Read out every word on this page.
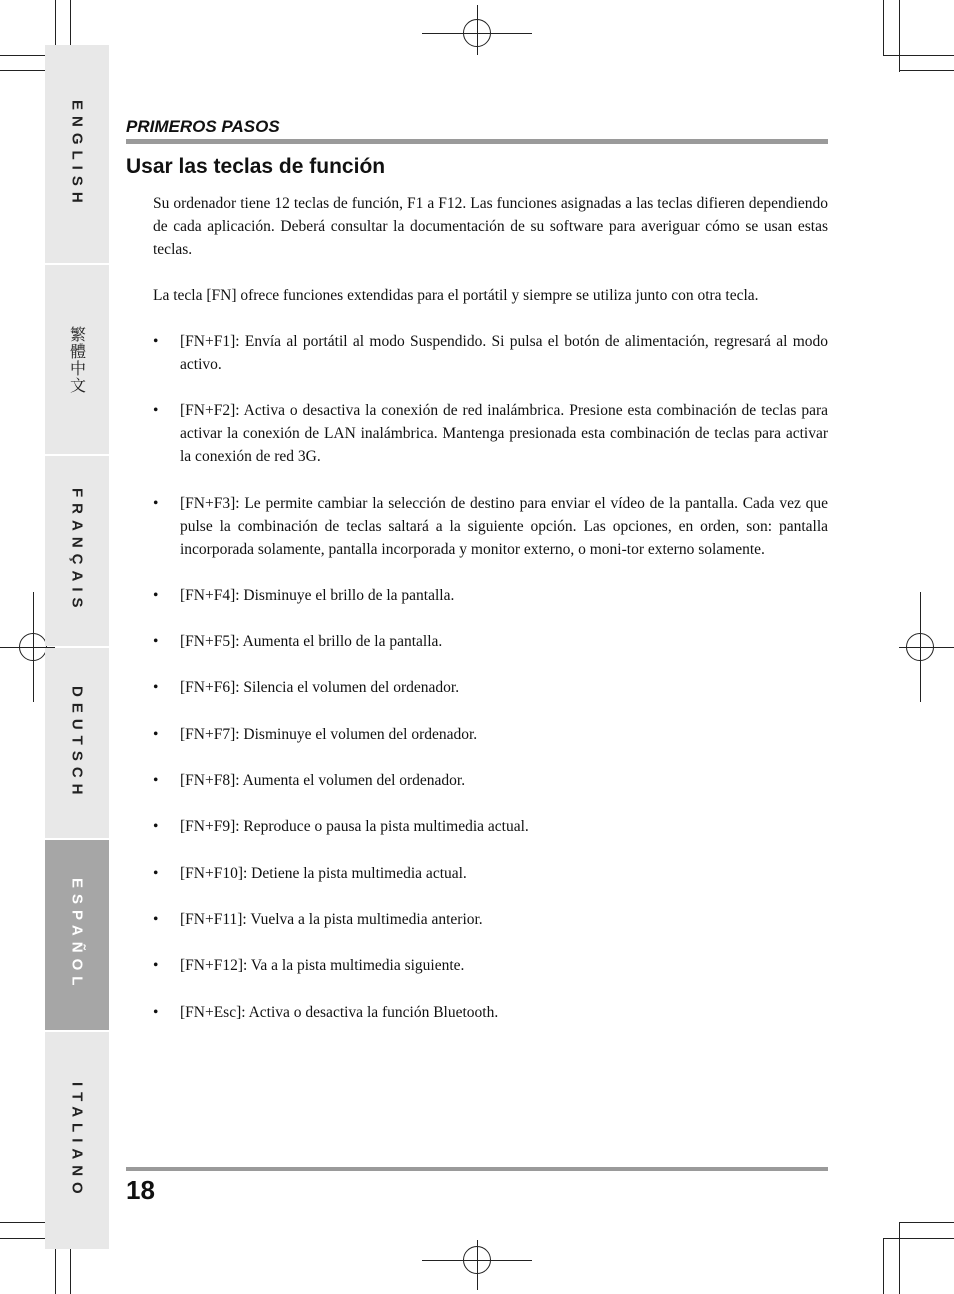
ENGLISH
繁體中文
FRANÇAIS
DEUTSCH
ESPAÑOL
ITALIANO
PRIMEROS PASOS
Usar las teclas de función

Su ordenador tiene 12 teclas de función, F1 a F12. Las funciones asignadas a las teclas difieren dependiendo de cada aplicación. Deberá consultar la documentación de su software para averiguar cómo se usan estas teclas.

La tecla [FN] ofrece funciones extendidas para el portátil y siempre se utiliza junto con otra tecla.

• [FN+F1]: Envía al portátil al modo Suspendido. Si pulsa el botón de alimentación, regresará al modo activo.
• [FN+F2]: Activa o desactiva la conexión de red inalámbrica. Presione esta combinación de teclas para activar la conexión de LAN inalámbrica. Mantenga presionada esta combinación de teclas para activar la conexión de red 3G.
• [FN+F3]: Le permite cambiar la selección de destino para enviar el vídeo de la pantalla. Cada vez que pulse la combinación de teclas saltará a la siguiente opción. Las opciones, en orden, son: pantalla incorporada solamente, pantalla incorporada y monitor externo, o moni-tor externo solamente.
• [FN+F4]: Disminuye el brillo de la pantalla.
• [FN+F5]: Aumenta el brillo de la pantalla.
• [FN+F6]: Silencia el volumen del ordenador.
• [FN+F7]: Disminuye el volumen del ordenador.
• [FN+F8]: Aumenta el volumen del ordenador.
• [FN+F9]: Reproduce o pausa la pista multimedia actual.
• [FN+F10]: Detiene la pista multimedia actual.
• [FN+F11]: Vuelva a la pista multimedia anterior.
• [FN+F12]: Va a la pista multimedia siguiente.
• [FN+Esc]: Activa o desactiva la función Bluetooth.
18
